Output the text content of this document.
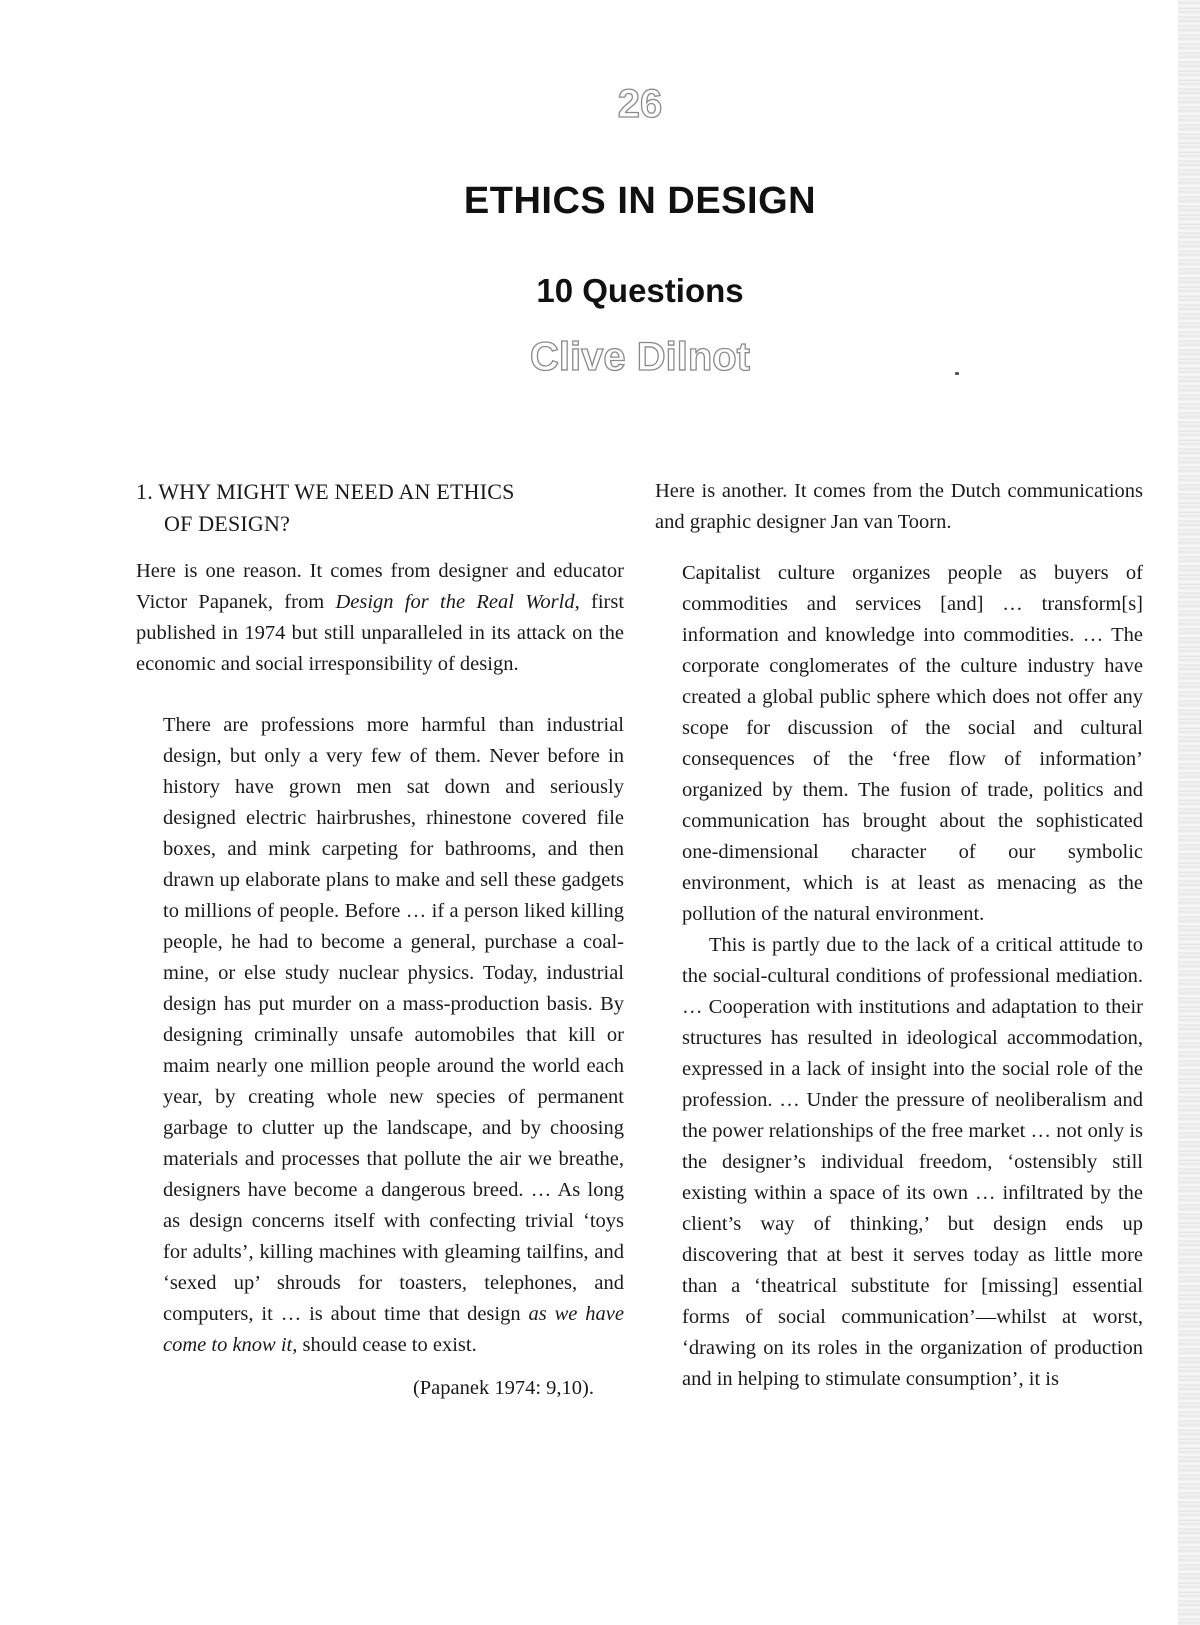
26
ETHICS IN DESIGN
10 Questions
Clive Dilnot
1. WHY MIGHT WE NEED AN ETHICS
OF DESIGN?

Here is one reason. It comes from designer and educator Victor Papanek, from Design for the Real World, first published in 1974 but still unparalleled in its attack on the economic and social irresponsibility of design.

There are professions more harmful than industrial design, but only a very few of them. Never before in history have grown men sat down and seriously designed electric hairbrushes, rhinestone covered file boxes, and mink carpeting for bathrooms, and then drawn up elaborate plans to make and sell these gadgets to millions of people. Before … if a person liked killing people, he had to become a general, purchase a coal-mine, or else study nuclear physics. Today, industrial design has put murder on a mass-production basis. By designing criminally unsafe automobiles that kill or maim nearly one million people around the world each year, by creating whole new species of permanent garbage to clutter up the landscape, and by choosing materials and processes that pollute the air we breathe, designers have become a dangerous breed. … As long as design concerns itself with confecting trivial ‘toys for adults’, killing machines with gleaming tailfins, and ‘sexed up’ shrouds for toasters, telephones, and computers, it … is about time that design as we have come to know it, should cease to exist.

(Papanek 1974: 9,10).

Here is another. It comes from the Dutch communications and graphic designer Jan van Toorn.

Capitalist culture organizes people as buyers of commodities and services [and] … transform[s] information and knowledge into commodities. … The corporate conglomerates of the culture industry have created a global public sphere which does not offer any scope for discussion of the social and cultural consequences of the ‘free flow of information’ organized by them. The fusion of trade, politics and communication has brought about the sophisticated one-dimensional character of our symbolic environment, which is at least as menacing as the pollution of the natural environment.

This is partly due to the lack of a critical attitude to the social-cultural conditions of professional mediation. … Cooperation with institutions and adaptation to their structures has resulted in ideological accommodation, expressed in a lack of insight into the social role of the profession. … Under the pressure of neoliberalism and the power relationships of the free market … not only is the designer’s individual freedom, ‘ostensibly still existing within a space of its own … infiltrated by the client’s way of thinking,’ but design ends up discovering that at best it serves today as little more than a ‘theatrical substitute for [missing] essential forms of social communication’—whilst at worst, ‘drawing on its roles in the organization of production and in helping to stimulate consumption’, it is
